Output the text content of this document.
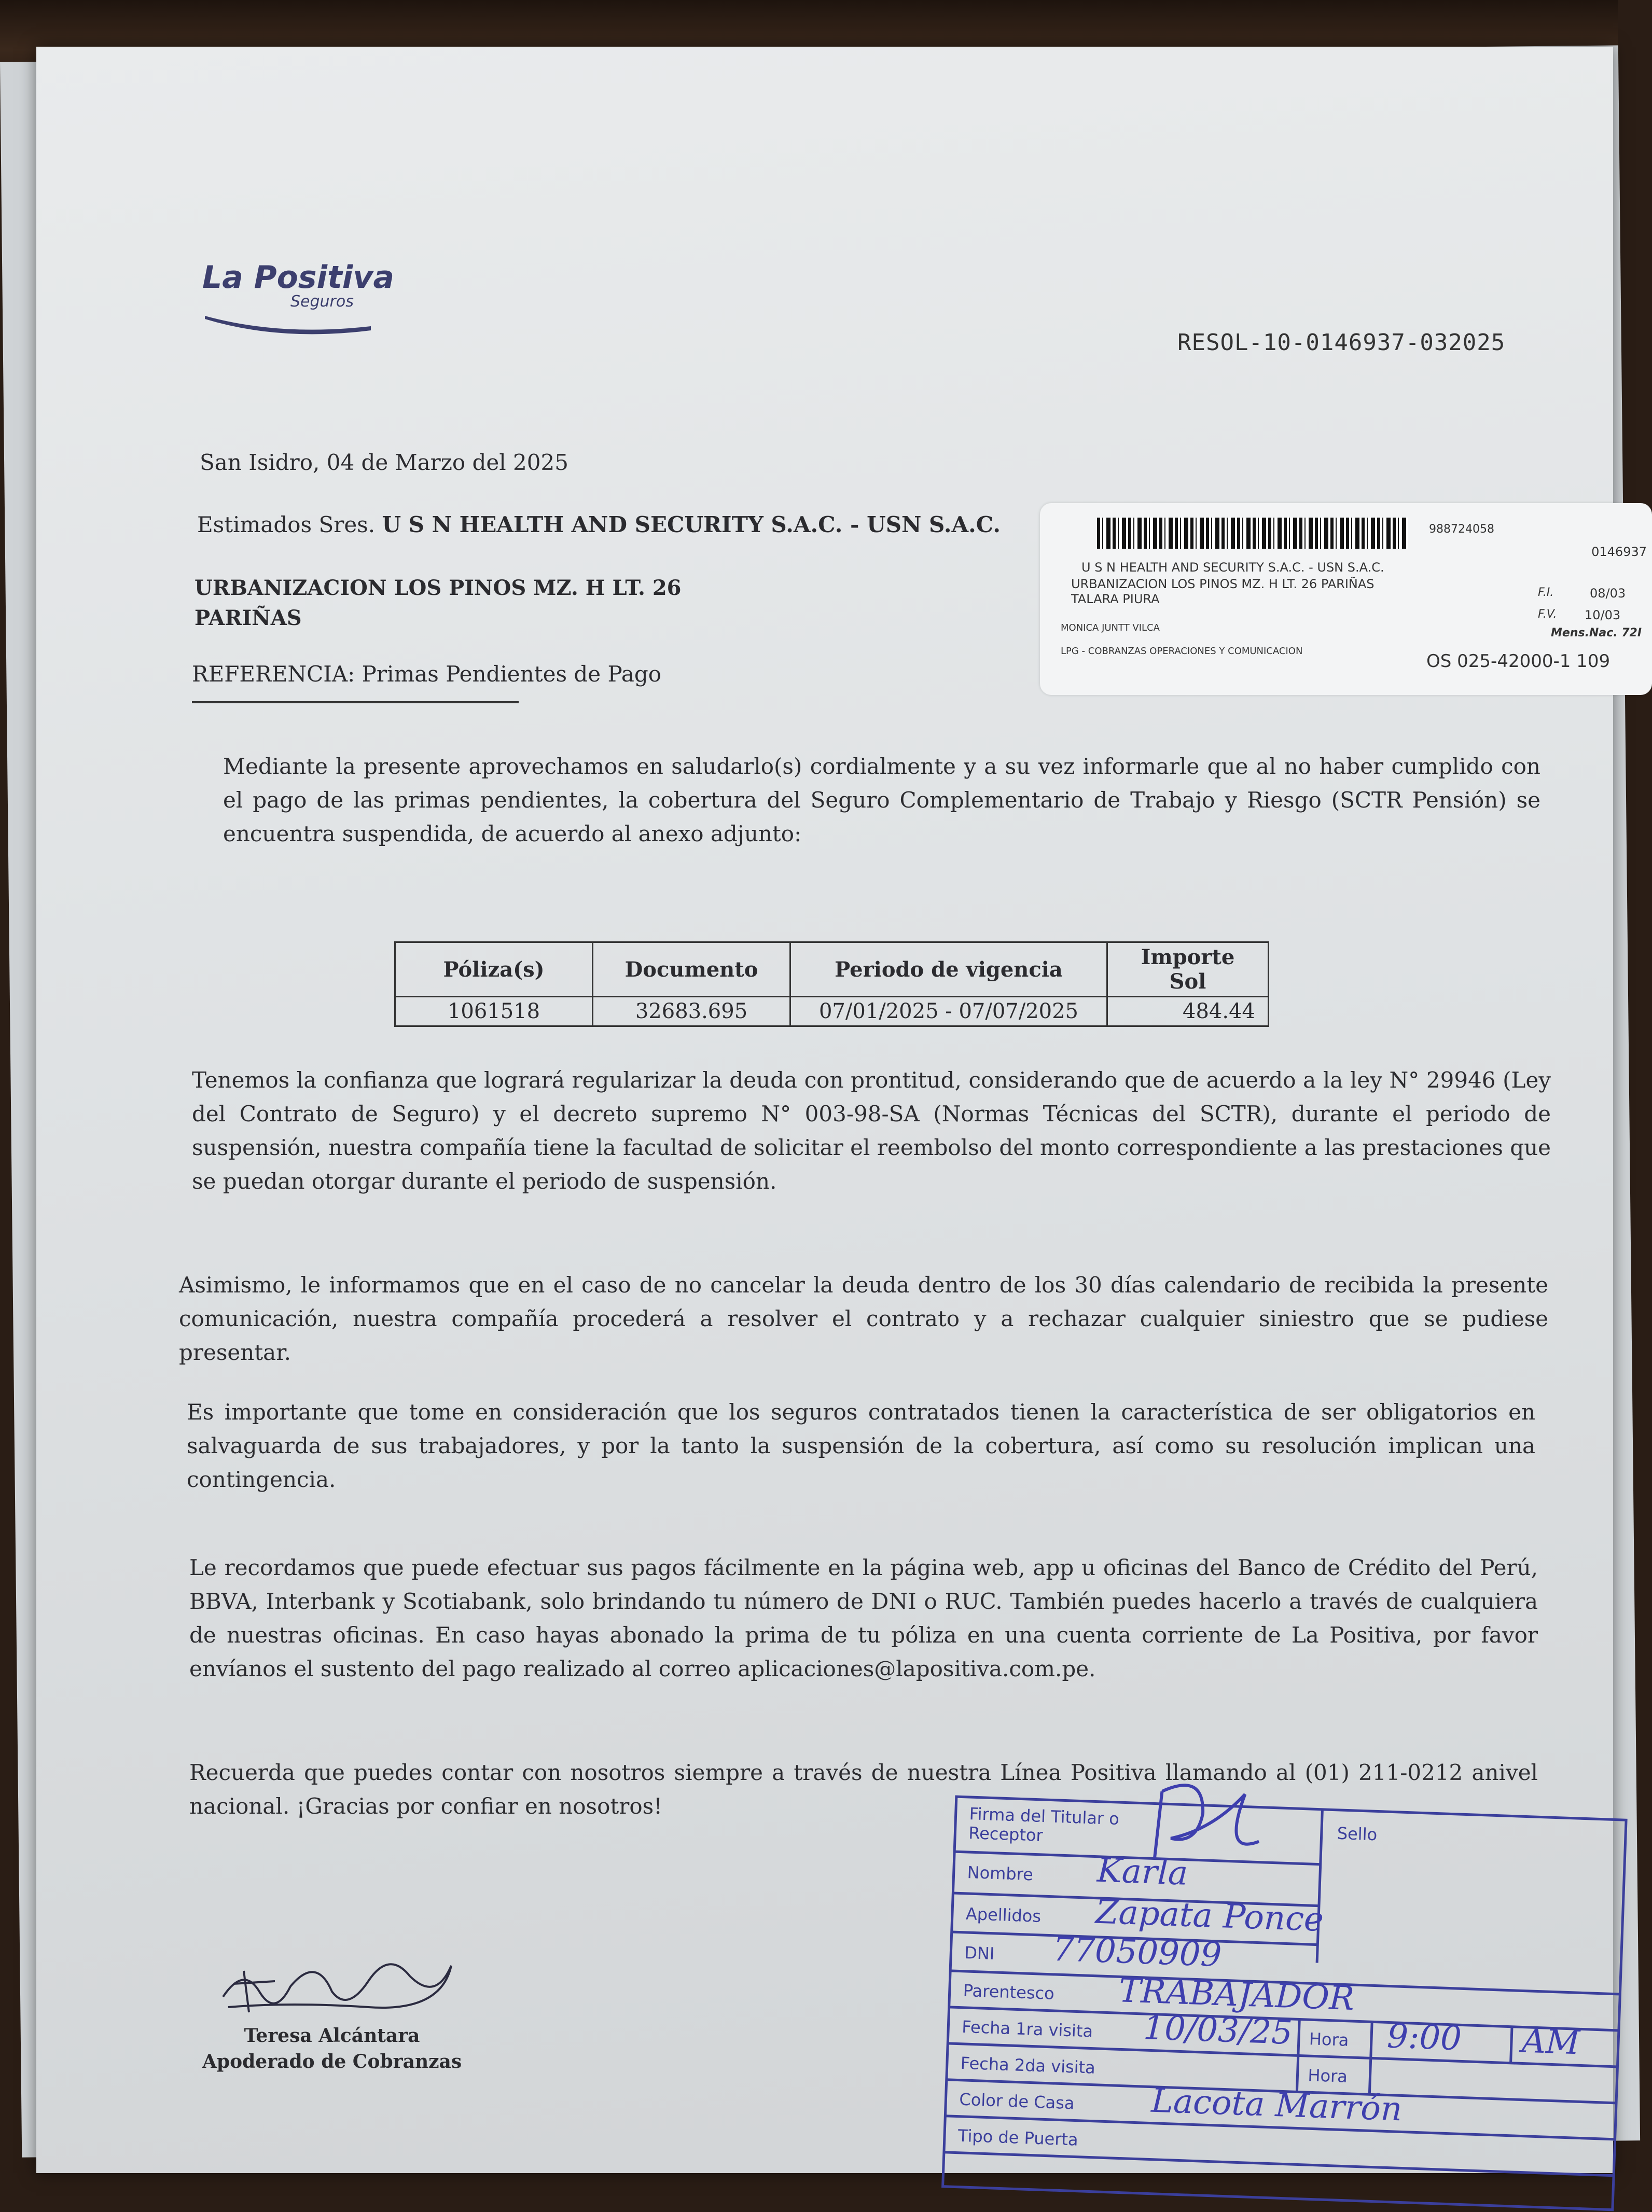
La Positiva
Seguros
RESOL-10-0146937-032025
San Isidro, 04 de Marzo del 2025
Estimados Sres. U S N HEALTH AND SECURITY S.A.C. - USN S.A.C.
URBANIZACION LOS PINOS MZ. H LT. 26
PARIÑAS
REFERENCIA: Primas Pendientes de Pago
988724058
0146937
U S N HEALTH AND SECURITY S.A.C. - USN S.A.C.
URBANIZACION LOS PINOS MZ. H LT. 26 PARIÑAS TALARA PIURA
MONICA JUNTT VILCA
LPG - COBRANZAS OPERACIONES Y COMUNICACION
F.I.	08/03
F.V. 10/03
Mens.Nac. 72I
OS 025-42000-1 109
Mediante la presente aprovechamos en saludarlo(s) cordialmente y a su vez informarle que al no haber cumplido con el pago de las primas pendientes, la cobertura del Seguro Complementario de Trabajo y Riesgo (SCTR Pensión) se encuentra suspendida, de acuerdo al anexo adjunto:
Póliza(s)	Documento	Periodo de vigencia	Importe Sol
1061518	32683.695	07/01/2025 - 07/07/2025	484.44
Tenemos la confianza que logrará regularizar la deuda con prontitud, considerando que de acuerdo a la ley N° 29946 (Ley del Contrato de Seguro) y el decreto supremo N° 003-98-SA (Normas Técnicas del SCTR), durante el periodo de suspensión, nuestra compañía tiene la facultad de solicitar el reembolso del monto correspondiente a las prestaciones que se puedan otorgar durante el periodo de suspensión.
Asimismo, le informamos que en el caso de no cancelar la deuda dentro de los 30 días calendario de recibida la presente comunicación, nuestra compañía procederá a resolver el contrato y a rechazar cualquier siniestro que se pudiese presentar.
Es importante que tome en consideración que los seguros contratados tienen la característica de ser obligatorios en salvaguarda de sus trabajadores, y por la tanto la suspensión de la cobertura, así como su resolución implican una contingencia.
Le recordamos que puede efectuar sus pagos fácilmente en la página web, app u oficinas del Banco de Crédito del Perú, BBVA, Interbank y Scotiabank, solo brindando tu número de DNI o RUC. También puedes hacerlo a través de cualquiera de nuestras oficinas. En caso hayas abonado la prima de tu póliza en una cuenta corriente de La Positiva, por favor envíanos el sustento del pago realizado al correo aplicaciones@lapositiva.com.pe.
Recuerda que puedes contar con nosotros siempre a través de nuestra Línea Positiva llamando al (01) 211-0212 anivel nacional. ¡Gracias por confiar en nosotros!
Teresa Alcántara
Apoderado de Cobranzas
Firma del Titular o Receptor	Sello
Nombre Karla
Apellidos Zapata Ponce
DNI 77050909
Parentesco TRABAJADOR
Fecha 1ra visita 10/03/25 Hora 9:00 AM
Fecha 2da visita	Hora
Color de Casa Lacota Marrón
Tipo de Puerta
